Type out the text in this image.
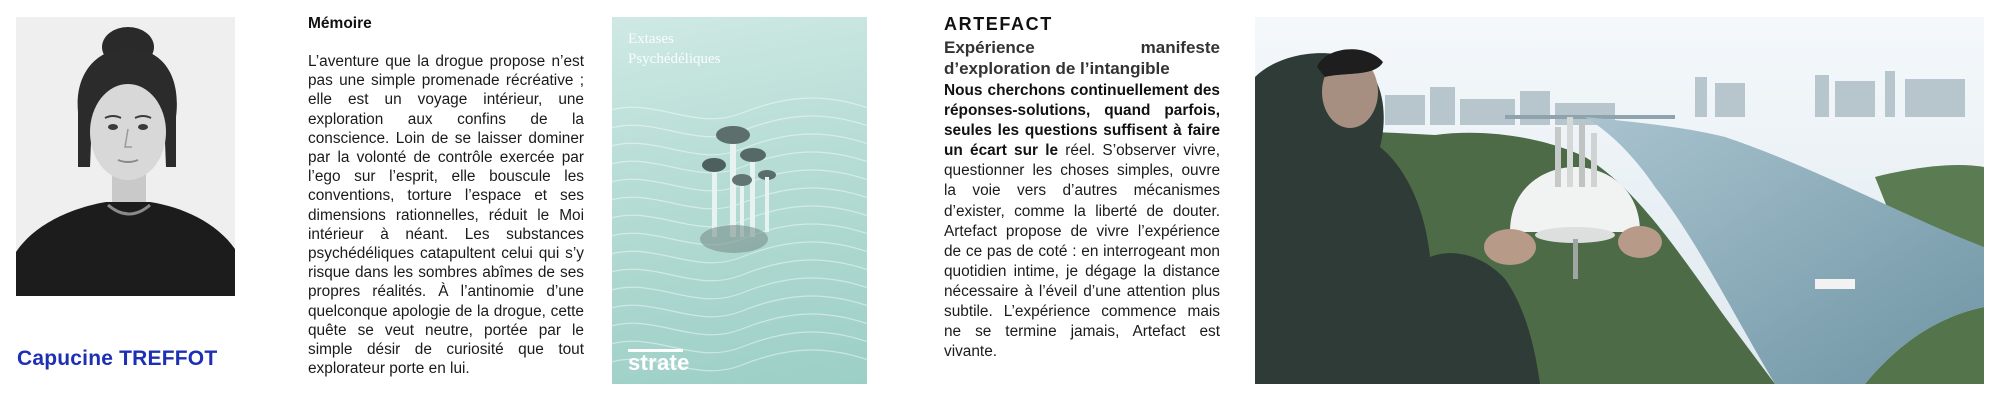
Capucine TREFFOT
Mémoire
L’aventure que la drogue propose n’est pas une simple promenade récréative ; elle est un voyage intérieur, une exploration aux confins de la conscience. Loin de se laisser dominer par la volonté de contrôle exercée par l’ego sur l’esprit, elle bouscule les conventions, torture l’espace et ses dimensions rationnelles, réduit le Moi intérieur à néant. Les substances psychédéliques catapultent celui qui s’y risque dans les sombres abîmes de ses propres réalités. À l’antinomie d’une quelconque apologie de la drogue, cette quête se veut neutre, portée par le simple désir de curiosité que tout explorateur porte en lui.
Extases Psychédéliques
strate
ARTEFACT
Expérience manifeste d’exploration de l’intangible
Nous cherchons continuellement des réponses-solutions, quand parfois, seules les questions suffisent à faire un écart sur le réel. S’observer vivre, questionner les choses simples, ouvre la voie vers d’autres mécanismes d’exister, comme la liberté de douter. Artefact propose de vivre l’expérience de ce pas de coté : en interrogeant mon quotidien intime, je dégage la distance nécessaire à l’éveil d’une attention plus subtile. L’expérience commence mais ne se termine jamais, Artefact est vivante.
